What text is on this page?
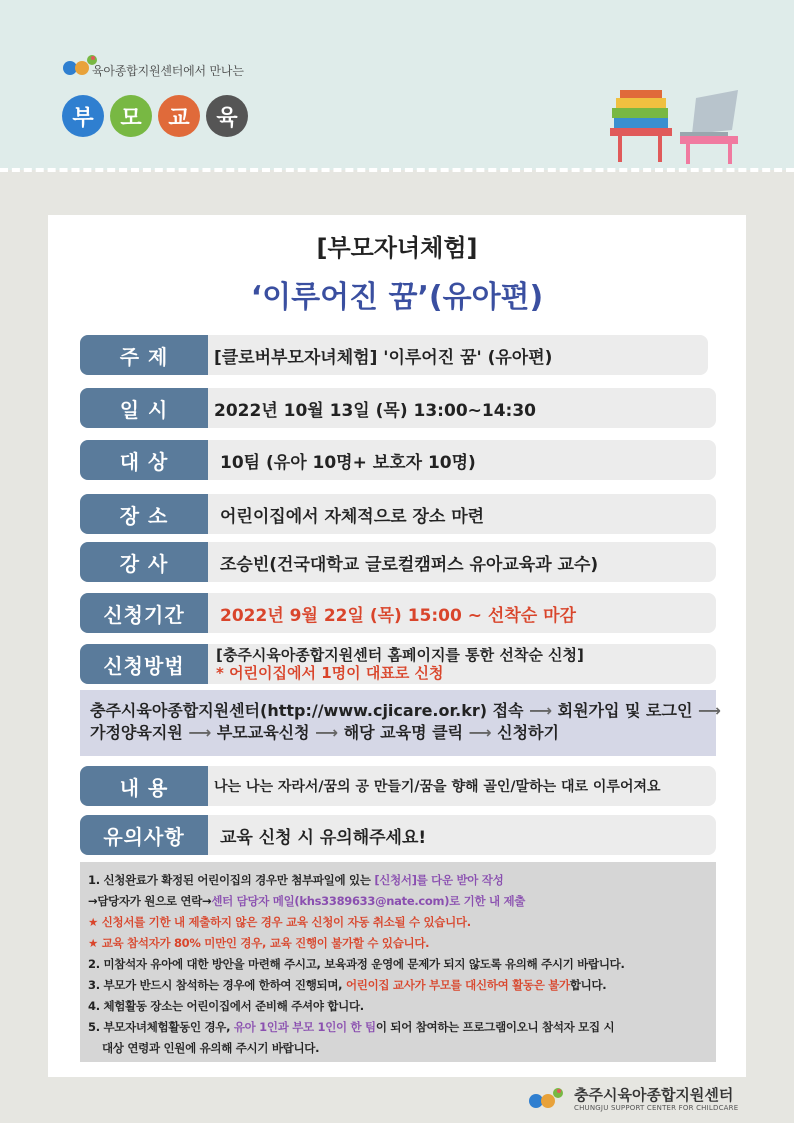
육아종합지원센터에서 만나는
부	모	교	육
[부모자녀체험]
‘이루어진 꿈’(유아편)
주 제	[클로버부모자녀체험] '이루어진 꿈' (유아편)
일 시	2022년 10월 13일 (목) 13:00~14:30
대 상	10팀 (유아 10명+ 보호자 10명)
장 소	어린이집에서 자체적으로 장소 마련
강 사	조승빈(건국대학교 글로컬캠퍼스 유아교육과 교수)
신청기간	2022년 9월 22일 (목) 15:00 ~ 선착순 마감
신청방법	[충주시육아종합지원센터 홈페이지를 통한 선착순 신청]
* 어린이집에서 1명이 대표로 신청
충주시육아종합지원센터(http://www.cjicare.or.kr) 접속 ⟶ 회원가입 및 로그인 ⟶
가정양육지원 ⟶ 부모교육신청 ⟶ 해당 교육명 클릭 ⟶ 신청하기
내 용	나는 나는 자라서/꿈의 공 만들기/꿈을 향해 골인/말하는 대로 이루어져요
유의사항	교육 신청 시 유의해주세요!
1. 신청완료가 확정된 어린이집의 경우만 첨부파일에 있는 [신청서]를 다운 받아 작성
→담당자가 원으로 연락→센터 담당자 메일(khs3389633@nate.com)로 기한 내 제출
★ 신청서를 기한 내 제출하지 않은 경우 교육 신청이 자동 취소될 수 있습니다.
★ 교육 참석자가 80% 미만인 경우, 교육 진행이 불가할 수 있습니다.
2. 미참석자 유아에 대한 방안을 마련해 주시고, 보육과정 운영에 문제가 되지 않도록 유의해 주시기 바랍니다.
3. 부모가 반드시 참석하는 경우에 한하여 진행되며, 어린이집 교사가 부모를 대신하여 활동은 불가합니다.
4. 체험활동 장소는 어린이집에서 준비해 주셔야 합니다.
5. 부모자녀체험활동인 경우, 유아 1인과 부모 1인이 한 팀이 되어 참여하는 프로그램이오니 참석자 모집 시
대상 연령과 인원에 유의해 주시기 바랍니다.
충주시육아종합지원센터
CHUNGJU SUPPORT CENTER FOR CHILDCARE
